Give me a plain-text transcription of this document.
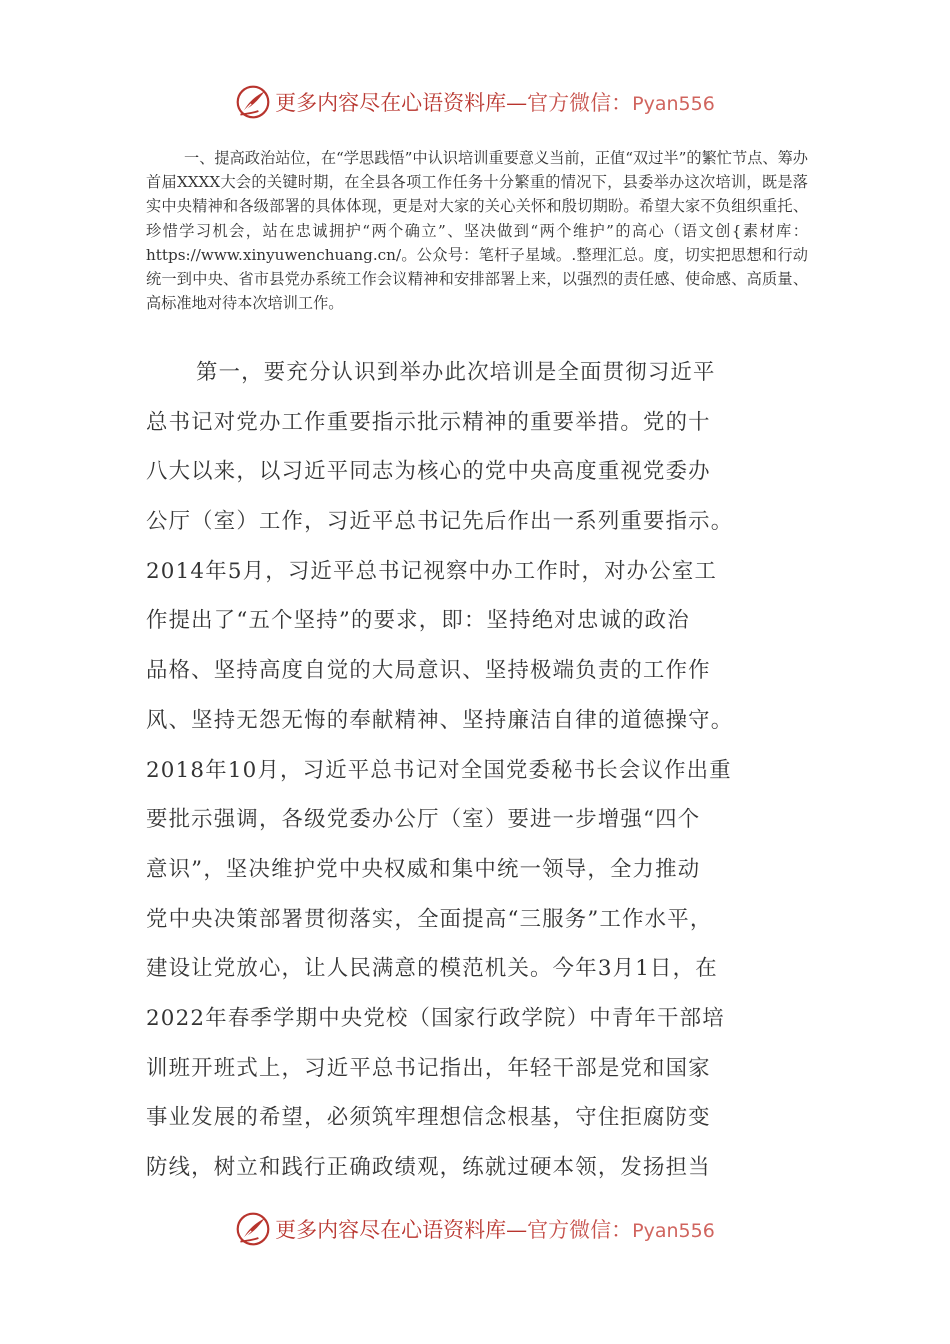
更多内容尽在心语资料库—官方微信：Pyan556

一、提高政治站位，在“学思践悟”中认识培训重要意义当前，正值“双过半”的繁忙节点、筹办首届XXXX大会的关键时期，在全县各项工作任务十分繁重的情况下，县委举办这次培训，既是落实中央精神和各级部署的具体体现，更是对大家的关心关怀和殷切期盼。希望大家不负组织重托、珍惜学习机会，站在忠诚拥护“两个确立”、坚决做到“两个维护”的高心（语文创{素材库：https://www.xinyuwenchuang.cn/。公众号：笔杆子星域。.整理汇总。度，切实把思想和行动统一到中央、省市县党办系统工作会议精神和安排部署上来，以强烈的责任感、使命感、高质量、高标准地对待本次培训工作。

第一，要充分认识到举办此次培训是全面贯彻习近平
总书记对党办工作重要指示批示精神的重要举措。党的十
八大以来，以习近平同志为核心的党中央高度重视党委办
公厅（室）工作，习近平总书记先后作出一系列重要指示。
2014年5月，习近平总书记视察中办工作时，对办公室工
作提出了“五个坚持”的要求，即：坚持绝对忠诚的政治
品格、坚持高度自觉的大局意识、坚持极端负责的工作作
风、坚持无怨无悔的奉献精神、坚持廉洁自律的道德操守。
2018年10月，习近平总书记对全国党委秘书长会议作出重
要批示强调，各级党委办公厅（室）要进一步增强“四个
意识”，坚决维护党中央权威和集中统一领导，全力推动
党中央决策部署贯彻落实，全面提高“三服务”工作水平，
建设让党放心，让人民满意的模范机关。今年3月1日，在
2022年春季学期中央党校（国家行政学院）中青年干部培
训班开班式上，习近平总书记指出，年轻干部是党和国家
事业发展的希望，必须筑牢理想信念根基，守住拒腐防变
防线，树立和践行正确政绩观，练就过硬本领，发扬担当
更多内容尽在心语资料库—官方微信：Pyan556
